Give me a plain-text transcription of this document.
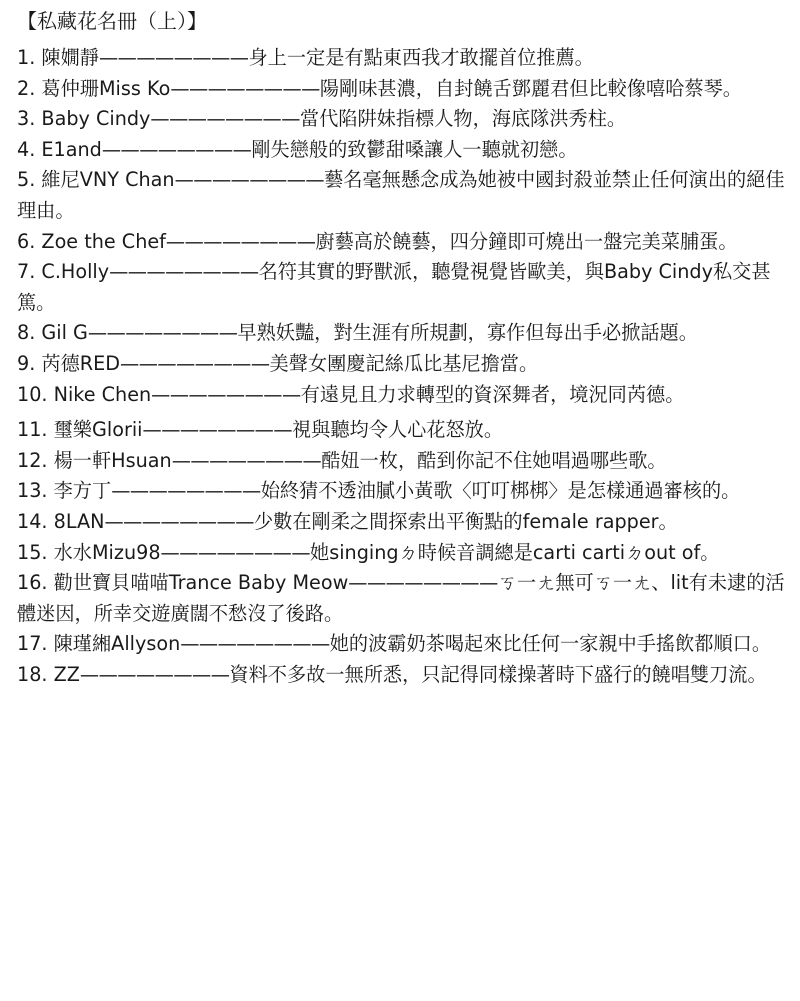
【私藏花名冊（上）】
1. 陳嫺靜————————身上一定是有點東西我才敢擺首位推薦。
2. 葛仲珊Miss Ko————————陽剛味甚濃，自封饒舌鄧麗君但比較像嘻哈蔡琴。
3. Baby Cindy————————當代陷阱妹指標人物，海底隊洪秀柱。
4. E1and————————剛失戀般的致鬱甜嗓讓人一聽就初戀。
5. 維尼VNY Chan————————藝名毫無懸念成為她被中國封殺並禁止任何演出的絕佳理由。
6. Zoe the Chef————————廚藝高於饒藝，四分鐘即可燒出一盤完美菜脯蛋。
7. C.Holly————————名符其實的野獸派，聽覺視覺皆歐美，與Baby Cindy私交甚篤。
8. Gil G————————早熟妖豔，對生涯有所規劃，寡作但每出手必掀話題。
9. 芮德RED————————美聲女團慶記絲瓜比基尼擔當。
10. Nike Chen————————有遠見且力求轉型的資深舞者，境況同芮德。
11. 璽樂Glorii————————視與聽均令人心花怒放。
12. 楊一軒Hsuan————————酷妞一枚，酷到你記不住她唱過哪些歌。
13. 李方丁————————始終猜不透油膩小黃歌〈叮叮梆梆〉是怎樣通過審核的。
14. 8LAN————————少數在剛柔之間探索出平衡點的female rapper。
15. 水水Mizu98————————她singingㄉ時候音調總是carti cartiㄉout of。
16. 勸世寶貝喵喵Trance Baby Meow————————ㄎ一ㄤ無可ㄎ一ㄤ、lit有未逮的活體迷因，所幸交遊廣闊不愁沒了後路。
17. 陳瑾緗Allyson————————她的波霸奶茶喝起來比任何一家親中手搖飲都順口。
18. ZZ————————資料不多故一無所悉，只記得同樣操著時下盛行的饒唱雙刀流。
